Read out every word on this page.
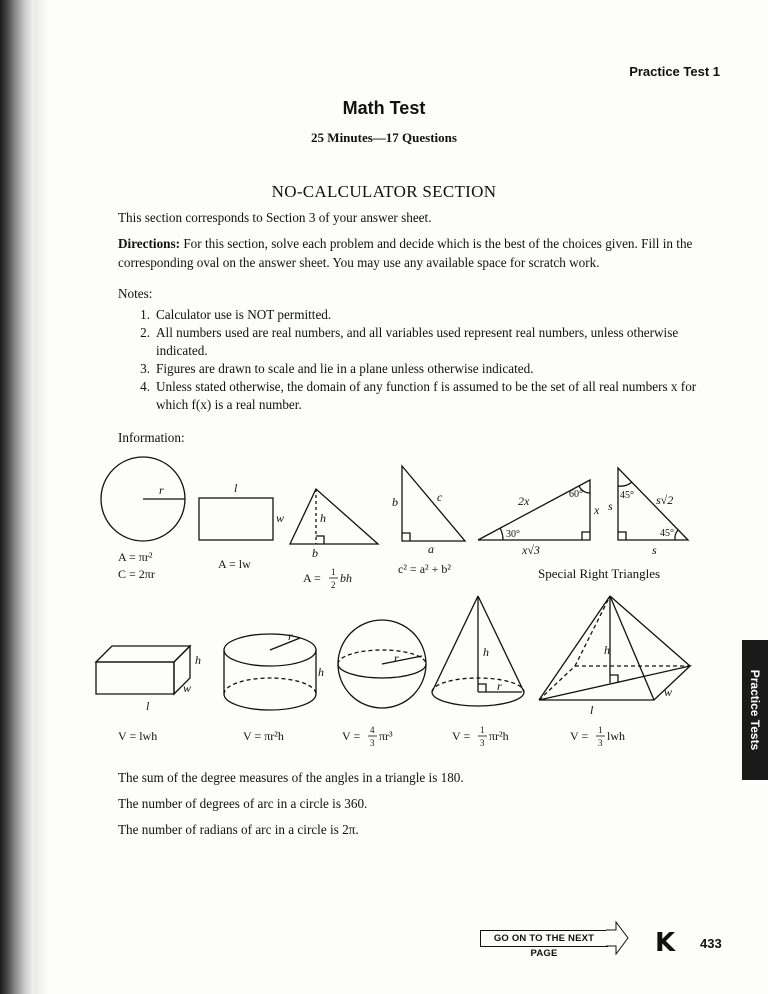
Practice Test 1
Math Test
25 Minutes—17 Questions
NO-CALCULATOR SECTION
This section corresponds to Section 3 of your answer sheet.
Directions: For this section, solve each problem and decide which is the best of the choices given. Fill in the corresponding oval on the answer sheet. You may use any available space for scratch work.
Notes:
1. Calculator use is NOT permitted.
2. All numbers used are real numbers, and all variables used represent real numbers, unless otherwise indicated.
3. Figures are drawn to scale and lie in a plane unless otherwise indicated.
4. Unless stated otherwise, the domain of any function f is assumed to be the set of all real numbers x for which f(x) is a real number.
Information:
r
A = πr²
C = 2πr
l
w
A = lw
h
b
A = 1
2 bh
b	c
a
c² = a² + b²
2x	60°
30°
x
x√3
45°
45°
s
s
s√2
Special Right Triangles
h
w
l
V = lwh
r
h
V = πr²h
r
V = 4
3 πr³
h
r
V = 1
3 πr²h
h
l
w
V = 1
3 lwh
The sum of the degree measures of the angles in a triangle is 180.
The number of degrees of arc in a circle is 360.
The number of radians of arc in a circle is 2π.
Practice Tests
GO ON TO THE NEXT PAGE	K 433
